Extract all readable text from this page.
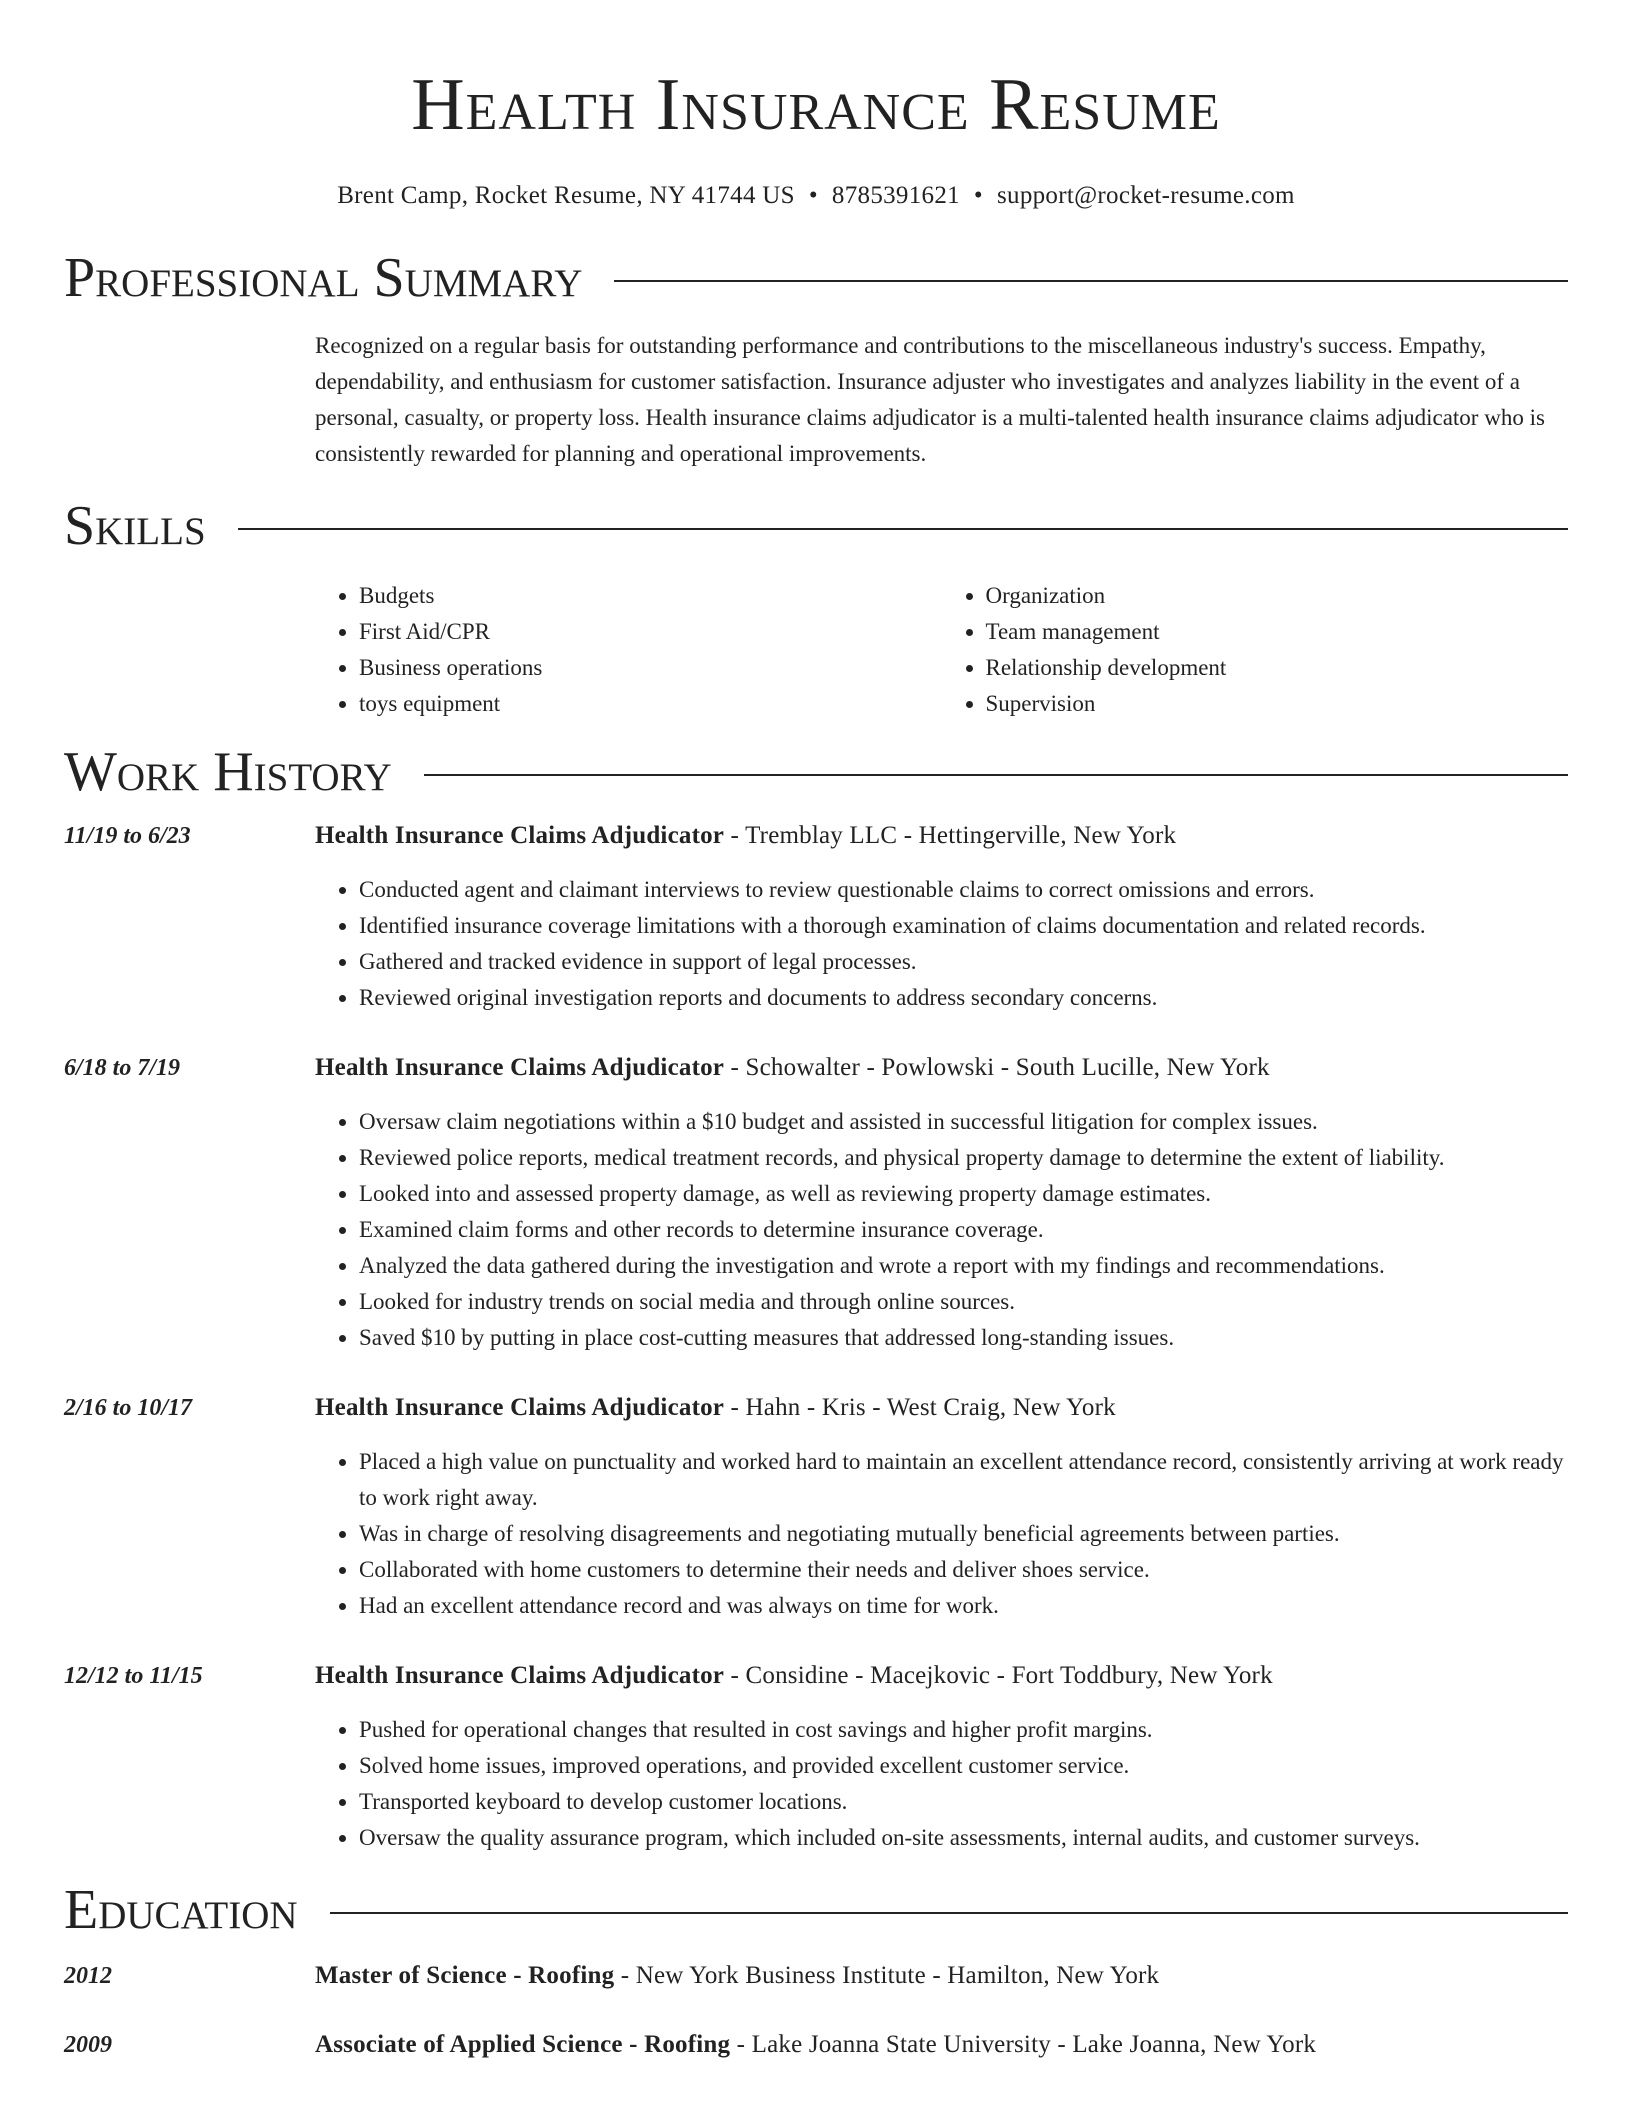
Health Insurance Resume
Brent Camp, Rocket Resume, NY 41744 US • 8785391621 • support@rocket-resume.com
Professional Summary
Recognized on a regular basis for outstanding performance and contributions to the miscellaneous industry's success. Empathy, dependability, and enthusiasm for customer satisfaction. Insurance adjuster who investigates and analyzes liability in the event of a personal, casualty, or property loss. Health insurance claims adjudicator is a multi-talented health insurance claims adjudicator who is consistently rewarded for planning and operational improvements.
Skills
• Budgets
• First Aid/CPR
• Business operations
• toys equipment
• Organization
• Team management
• Relationship development
• Supervision
Work History
11/19 to 6/23	Health Insurance Claims Adjudicator - Tremblay LLC - Hettingerville, New York
• Conducted agent and claimant interviews to review questionable claims to correct omissions and errors.
• Identified insurance coverage limitations with a thorough examination of claims documentation and related records.
• Gathered and tracked evidence in support of legal processes.
• Reviewed original investigation reports and documents to address secondary concerns.
6/18 to 7/19	Health Insurance Claims Adjudicator - Schowalter - Powlowski - South Lucille, New York
• Oversaw claim negotiations within a $10 budget and assisted in successful litigation for complex issues.
• Reviewed police reports, medical treatment records, and physical property damage to determine the extent of liability.
• Looked into and assessed property damage, as well as reviewing property damage estimates.
• Examined claim forms and other records to determine insurance coverage.
• Analyzed the data gathered during the investigation and wrote a report with my findings and recommendations.
• Looked for industry trends on social media and through online sources.
• Saved $10 by putting in place cost-cutting measures that addressed long-standing issues.
2/16 to 10/17	Health Insurance Claims Adjudicator - Hahn - Kris - West Craig, New York
• Placed a high value on punctuality and worked hard to maintain an excellent attendance record, consistently arriving at work ready to work right away.
• Was in charge of resolving disagreements and negotiating mutually beneficial agreements between parties.
• Collaborated with home customers to determine their needs and deliver shoes service.
• Had an excellent attendance record and was always on time for work.
12/12 to 11/15	Health Insurance Claims Adjudicator - Considine - Macejkovic - Fort Toddbury, New York
• Pushed for operational changes that resulted in cost savings and higher profit margins.
• Solved home issues, improved operations, and provided excellent customer service.
• Transported keyboard to develop customer locations.
• Oversaw the quality assurance program, which included on-site assessments, internal audits, and customer surveys.
Education
2012	Master of Science - Roofing - New York Business Institute - Hamilton, New York
2009	Associate of Applied Science - Roofing - Lake Joanna State University - Lake Joanna, New York
